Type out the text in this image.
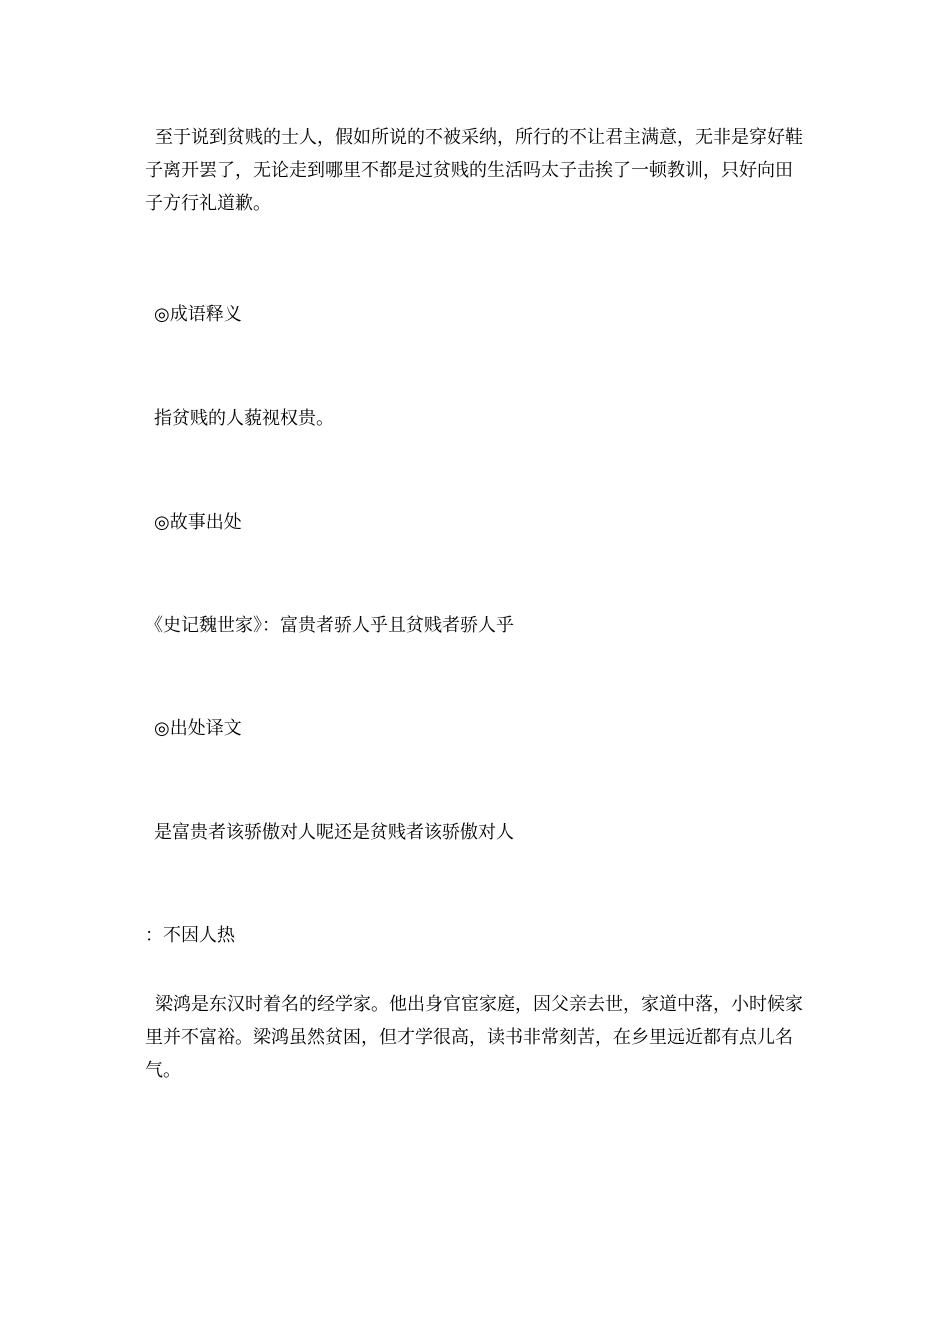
至于说到贫贱的士人，假如所说的不被采纳，所行的不让君主满意，无非是穿好鞋子离开罢了，无论走到哪里不都是过贫贱的生活吗太子击挨了一顿教训，只好向田子方行礼道歉。

◎成语释义

指贫贱的人藐视权贵。

◎故事出处

《史记魏世家》：富贵者骄人乎且贫贱者骄人乎

◎出处译文

是富贵者该骄傲对人呢还是贫贱者该骄傲对人

：不因人热

梁鸿是东汉时着名的经学家。他出身官宦家庭，因父亲去世，家道中落，小时候家里并不富裕。梁鸿虽然贫困，但才学很高，读书非常刻苦，在乡里远近都有点儿名气。
